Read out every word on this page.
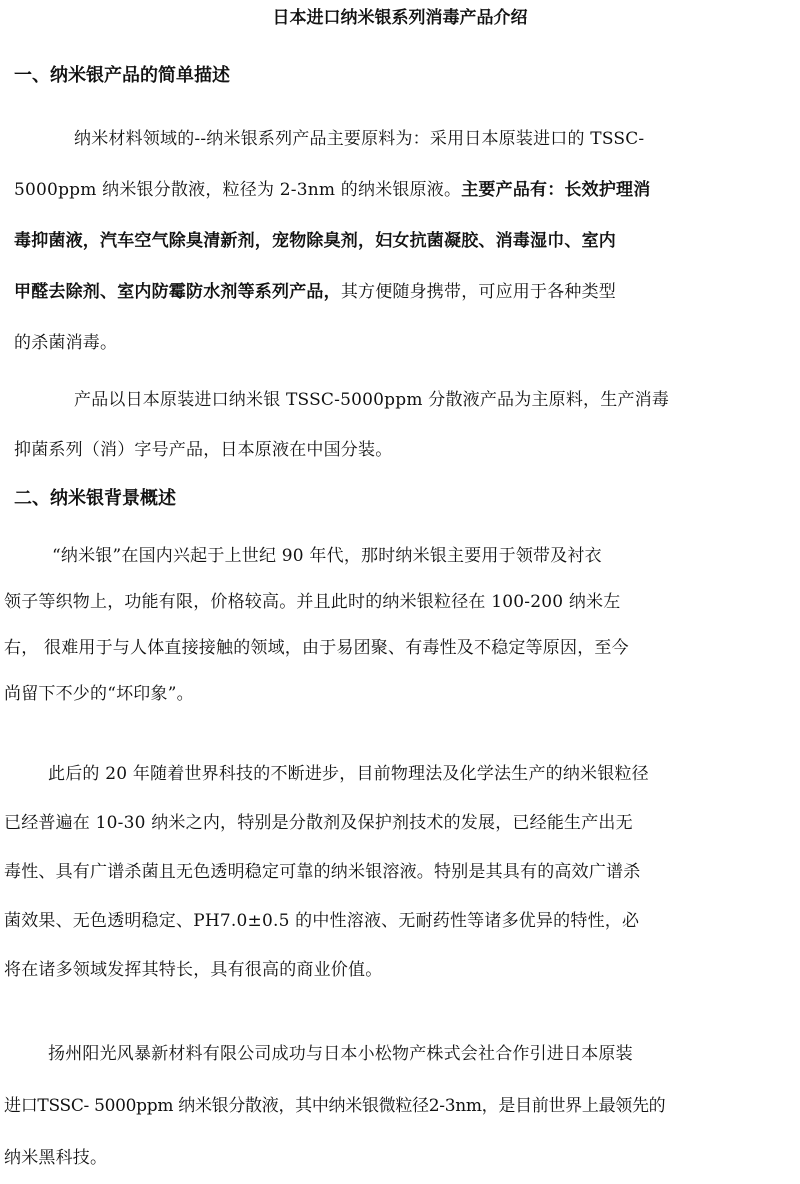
日本进口纳米银系列消毒产品介绍
一、纳米银产品的简单描述
纳米材料领域的--纳米银系列产品主要原料为：采用日本原装进口的 TSSC-
5000ppm 纳米银分散液，粒径为 2-3nm 的纳米银原液。主要产品有：长效护理消
毒抑菌液，汽车空气除臭清新剂，宠物除臭剂，妇女抗菌凝胶、消毒湿巾、室内
甲醛去除剂、室内防霉防水剂等系列产品，其方便随身携带，可应用于各种类型
的杀菌消毒。
产品以日本原装进口纳米银 TSSC-5000ppm 分散液产品为主原料，生产消毒
抑菌系列（消）字号产品，日本原液在中国分装。
二、纳米银背景概述
“纳米银”在国内兴起于上世纪 90 年代，那时纳米银主要用于领带及衬衣
领子等织物上，功能有限，价格较高。并且此时的纳米银粒径在 100-200 纳米左
右， 很难用于与人体直接接触的领域，由于易团聚、有毒性及不稳定等原因，至今
尚留下不少的“坏印象”。
此后的 20 年随着世界科技的不断进步，目前物理法及化学法生产的纳米银粒径
已经普遍在 10-30 纳米之内，特别是分散剂及保护剂技术的发展，已经能生产出无
毒性、具有广谱杀菌且无色透明稳定可靠的纳米银溶液。特别是其具有的高效广谱杀
菌效果、无色透明稳定、PH7.0±0.5 的中性溶液、无耐药性等诸多优异的特性，必
将在诸多领域发挥其特长，具有很高的商业价值。
扬州阳光风暴新材料有限公司成功与日本小松物产株式会社合作引进日本原装
进口TSSC- 5000ppm 纳米银分散液，其中纳米银微粒径2-3nm，是目前世界上最领先的
纳米黑科技。
